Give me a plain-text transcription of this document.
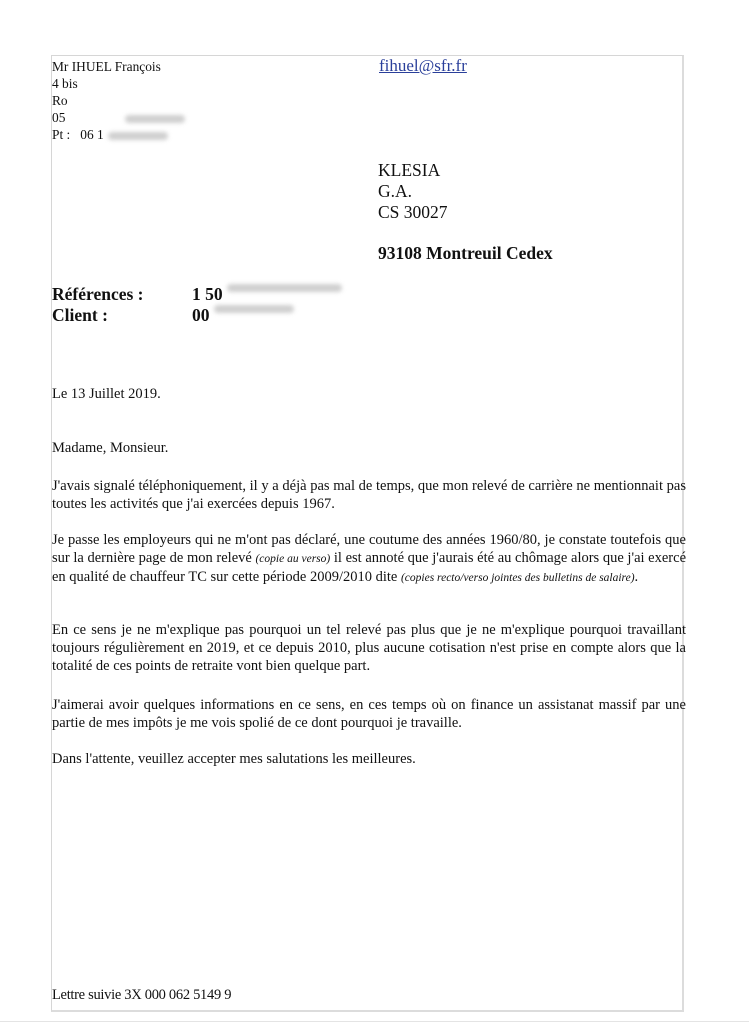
Mr IHUEL François
4 bis
Ro
05
Pt : 06 1
fihuel@sfr.fr
KLESIA
G.A.
CS 30027
93108 Montreuil Cedex
Références :	1 50
Client :	00
Le 13 Juillet 2019.
Madame, Monsieur.

J'avais signalé téléphoniquement, il y a déjà pas mal de temps, que mon relevé de carrière ne mentionnait pas toutes les activités que j'ai exercées depuis 1967.

Je passe les employeurs qui ne m'ont pas déclaré, une coutume des années 1960/80, je constate toutefois que sur la dernière page de mon relevé (copie au verso) il est annoté que j'aurais été au chômage alors que j'ai exercé en qualité de chauffeur TC sur cette période 2009/2010 dite (copies recto/verso jointes des bulletins de salaire).

En ce sens je ne m'explique pas pourquoi un tel relevé pas plus que je ne m'explique pourquoi travaillant toujours régulièrement en 2019, et ce depuis 2010, plus aucune cotisation n'est prise en compte alors que la totalité de ces points de retraite vont bien quelque part.

J'aimerai avoir quelques informations en ce sens, en ces temps où on finance un assistanat massif par une partie de mes impôts je me vois spolié de ce dont pourquoi je travaille.

Dans l'attente, veuillez accepter mes salutations les meilleures.

Lettre suivie 3X 000 062 5149 9
